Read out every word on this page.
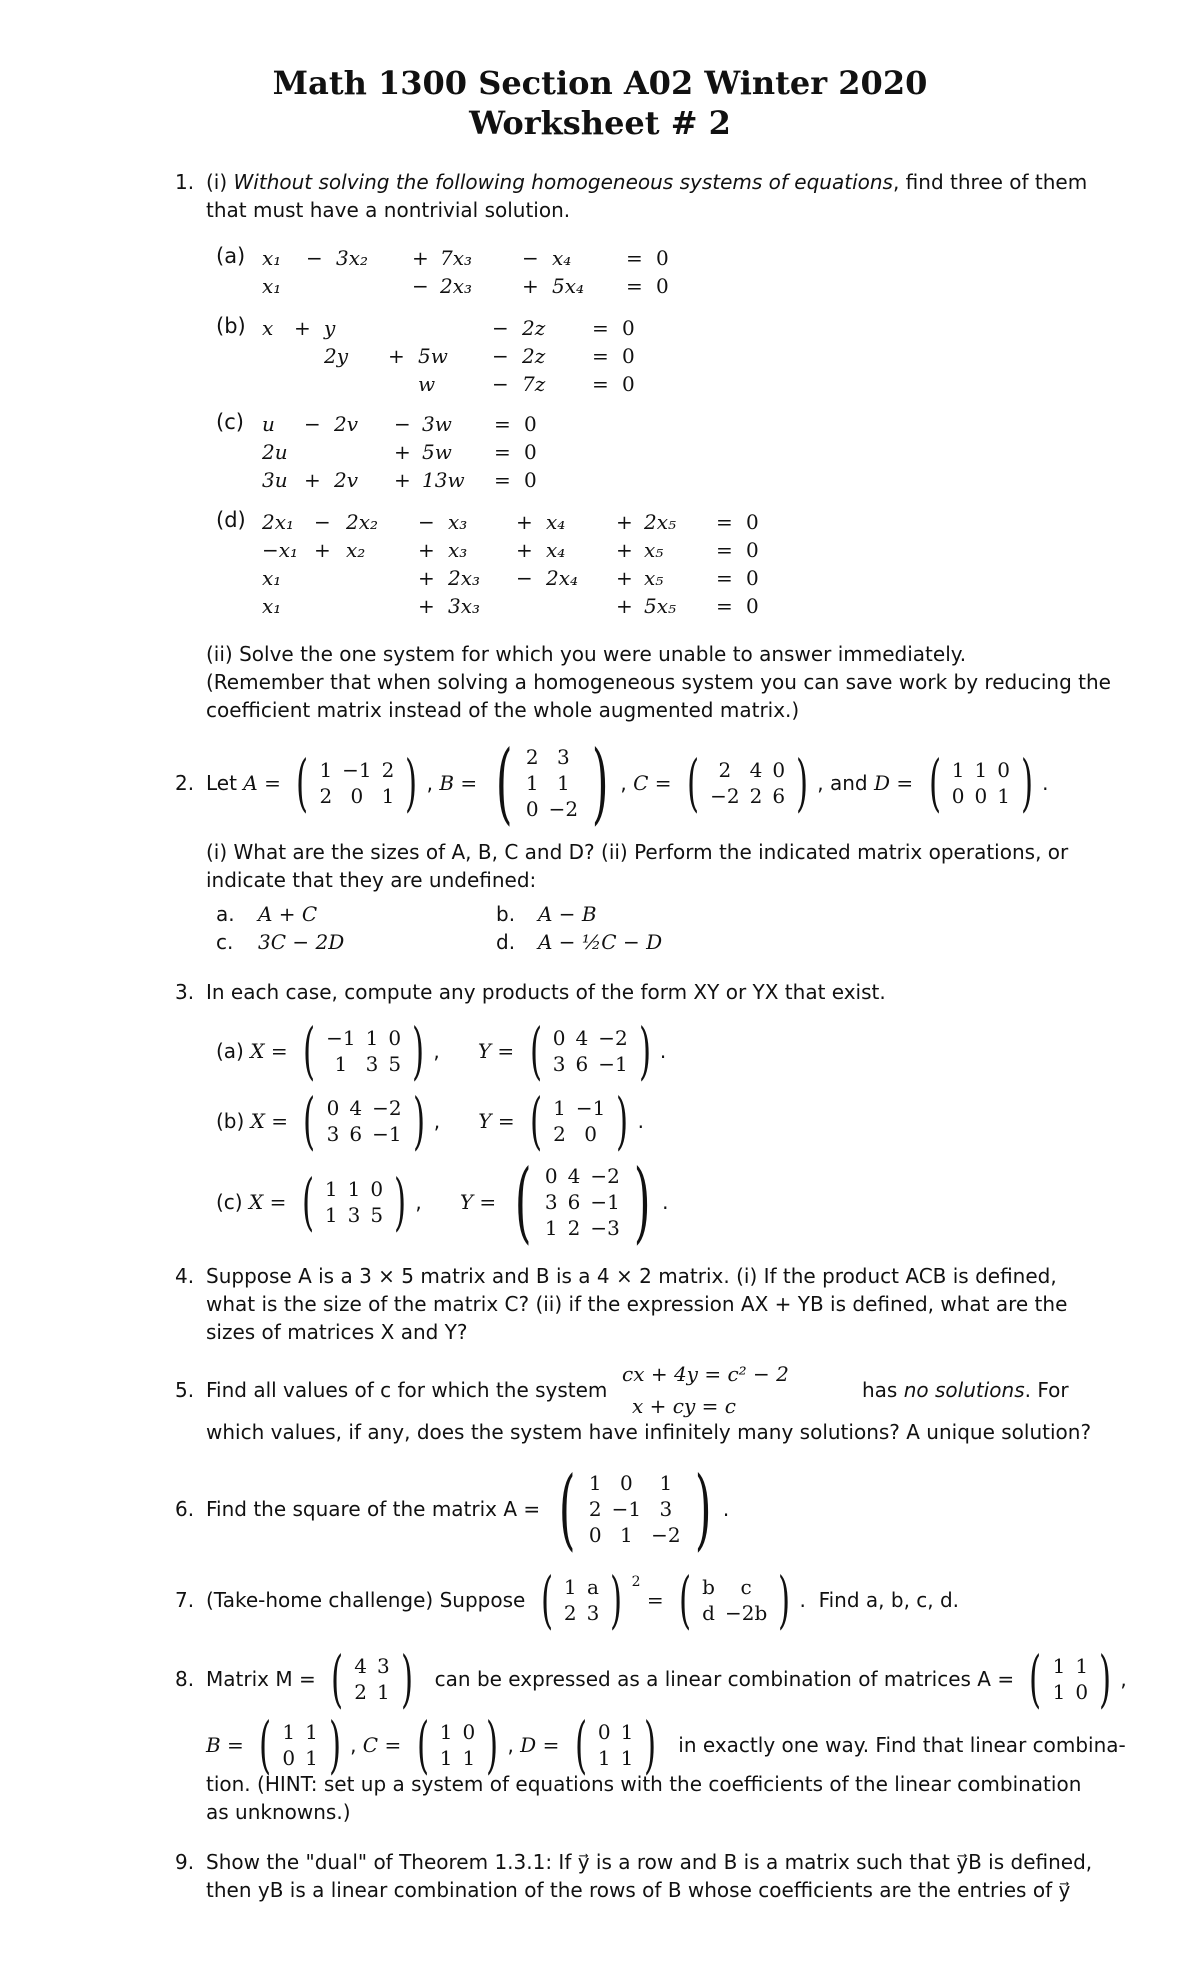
Math 1300 Section A02 Winter 2020
Worksheet # 2
1. (i) Without solving the following homogeneous systems of equations, find three of them
that must have a nontrivial solution.
(a) x₁ − 3x₂ + 7x₃ − x₄	= 0
x₁	− 2x₃ + 5x₄ = 0
(b) x + y	− 2z = 0
2y + 5w − 2z = 0
w	− 7z = 0
(c) u − 2v − 3w = 0
2u	+ 5w = 0
3u + 2v + 13w = 0
(d) 2x₁ − 2x₂ − x₃ + x₄	+ 2x₅ = 0
−x₁ + x₂	+ x₃ + x₄	+ x₅	= 0
x₁	+ 2x₃ − 2x₄ + x₅	= 0
x₁	+ 3x₃	+ 5x₅ = 0
(ii) Solve the one system for which you were unable to answer immediately.
(Remember that when solving a homogeneous system you can save work by reducing the
coefficient matrix instead of the whole augmented matrix.)
2. Let A = ( 1	−1	2
2	0	1 ) , B = ( 2	3
1	1
0	−2 ) , C = ( 2	4	0
−2	2	6 ) , and D = ( 1	1	0
0	0	1 ) .
(i) What are the sizes of A, B, C and D? (ii) Perform the indicated matrix operations, or
indicate that they are undefined:
a. A + C	b. A − B
c. 3C − 2D	d. A − ½C − D
3. In each case, compute any products of the form XY or YX that exist.
(a) X = ( −1	1	0
1	3	5 ) , Y = ( 0	4	−2
3	6	−1 ) .
(b) X = ( 0	4	−2
3	6	−1 ) , Y = ( 1	−1
2	0 ) .
(c) X = ( 1	1	0
1	3	5 ) , Y = ( 0	4	−2
3	6	−1
1	2	−3 ) .
4. Suppose A is a 3 × 5 matrix and B is a 4 × 2 matrix. (i) If the product ACB is defined,
what is the size of the matrix C? (ii) if the expression AX + YB is defined, what are the
sizes of matrices X and Y?
5. Find all values of c for which the system
cx + 4y = c² − 2
x + cy = c
has no solutions. For
which values, if any, does the system have infinitely many solutions? A unique solution?
6. Find the square of the matrix A =
( 1	0	1
2	−1	3
0	1	−2 ) .
7. (Take-home challenge) Suppose
( 1	a
2	3 ) 2
= ( b	c
d	−2b ) . Find a, b, c, d.
8. Matrix M =
( 4	3
2	1 )
can be expressed as a linear combination of matrices A =
( 1	1
1	0 ) ,
B = ( 1	1
0	1 ) , C = ( 1	0
1	1 ) , D = ( 0	1
1	1 )
in exactly one way. Find that linear combina-
tion. (HINT: set up a system of equations with the coefficients of the linear combination
as unknowns.)
9. Show the "dual" of Theorem 1.3.1: If y⃗ is a row and B is a matrix such that y⃗B is defined,
then yB is a linear combination of the rows of B whose coefficients are the entries of y⃗
